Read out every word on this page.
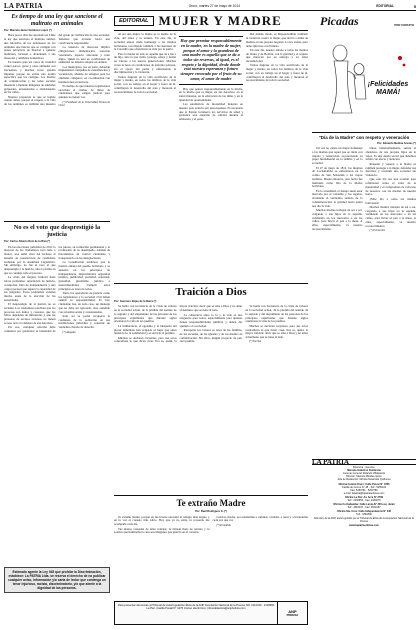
LA PATRIA	Oruro, martes 27 de mayo de 2014	EDITORIAL	5
Es tiempo de una ley que sancione el maltrato en animales
Por: Marcela Javier Gutiérrez López (*)

Hace pocos días fue aprobada en Chile la ley que sanciona el maltrato animal, una iniciativa de los defensores de los animales que buscan que se castigue con penas privativas de libertad a quienes maltraten, torturen o abandonen a sus mascotas y animales domésticos.

En nuestro país los casos de crueldad contra perros, gatos y otros animales son frecuentes, y muchas veces quedan impunes porque no existe una norma específica que los castigue. Los medios de comunicación y las redes sociales muestran a menudo imágenes de animales golpeados, envenenados o abandonados en las calles.

Nuestra propuesta es que se legisle cuanto antes, porque el respeto a la vida de los animales es también una muestra del grado de civilización de una sociedad. Tenemos que avanzar hacia una convivencia responsable.

La tenencia de mascotas implica obligaciones: alimentación, atención veterinaria, espacio adecuado y trato digno. Quien no está en condiciones de asumirlas no debería adoptar un animal.

Los municipios, por su parte, deberían implementar campañas de esterilización y vacunación, además de refugios para los animales callejeros, en coordinación con instituciones protectoras.

Es tiempo de que nuestros legisladores escuchen el clamor de miles de ciudadanos que exigen justicia para quienes no tienen voz.

(*) Estudiante de la Universidad Técnica de Oruro

No es el voto que desprestigió la justicia
Por: Carlos Alberto Ruiz de la Riva (*)

En las elecciones judiciales de 2011 la mayoría de los ciudadanos votó nulo o blanco, una señal clara del rechazo al sistema de preselección de candidatos realizado por la Asamblea Legislativa. Sin embargo, no fue el voto el que desprestigió a la justicia, sino la forma en que se condujo todo el proceso.

La crisis del Órgano Judicial tiene raíces profundas: retardación de justicia, corrupción, falta de independencia y una carga procesal que supera la capacidad de los juzgados. Estos problemas existían mucho antes de la elección de las autoridades.

El desprestigio de la justicia no es reciente. Los ciudadanos perciben que los procesos son lentos y costosos, que los fallos dependen de influencias y que las personas de escasos recursos no tienen acceso real a la defensa de sus derechos.

Por eso, cualquier reforma debe comenzar por garantizar la idoneidad de los jueces, su formación permanente y la evaluación de su desempeño, además de mecanismos de control ciudadano y transparencia en las designaciones.

La Constitución establece que la justicia emana del pueblo boliviano y se sustenta en los principios de independencia, imparcialidad, seguridad jurídica, publicidad, probidad, celeridad, gratuidad, pluralismo jurídico e interculturalidad. Cumplir estos principios es tarea de todos.

Tanto los operadores de justicia como los legisladores y la sociedad civil deben asumir su responsabilidad. El voto ciudadano fue, en todo caso, un mensaje que no debe ser ignorado, sino atendido con reformas serias y consensuadas.

Sólo así se podrá recuperar la confianza de la población en sus instituciones judiciales y construir un verdadero Estado de derecho.

(*) Abogado

Estimado agente la Ley 045 que prohíbe la Discriminación, establece: La PATRIA Ltda. se reserva el derecho de no publicar cualquier aviso, información y/o carta de lector que contenga un tenor injurioso, racista, discriminatorio, y/o que atente a la dignidad de las personas.
EDITORIAL MUJER Y MADRE

Al ser una mujer, la madre es la fuente de la vida, del amor y la ternura. En este día, la sociedad entera rinde homenaje a las madres bolivianas, recordando también a las heroínas de la Coronilla que ofrendaron su vida por la patria.

Pero la madre no sólo es aquella que da a luz a un hijo, sino la que cuida, protege, educa y forma en valores a las nuevas generaciones. Muchas veces lo hace en condiciones de extrema pobreza, sin el apoyo del padre y enfrentando la discriminación y la violencia.

Tantas mujeres en la vida sacrificada de la mujer y madre, en todos los ámbitos de la vida social, con su trabajo en el hogar y fuera de él, contribuyen al desarrollo del país y merecen el reconocimiento de toda la sociedad.

Hay que premiar responsablemente en la madre, en la madre de mujer, porque el amor y la grandeza de una madre es aquella que se da a todos sin reservas, al igual, es el respeto y la dignidad, desde donde está nuestra esperanza y futuro siempre renovado por el fruto de su amor, el amor de madre

Hay que pensar responsablemente en la madre, en la madre que es mujer, en sus derechos, en la salud materna, en la educación de las niñas y en la igualdad de oportunidades.

Las estadísticas de mortalidad materna en nuestro país todavía son preocupantes. Es necesario que el Estado fortalezca los servicios de salud y garantice una atención de calidad durante el embarazo y el parto.

Del mismo modo, es imprescindible combatir la violencia contra la mujer, que afecta a miles de madres en sus propios hogares. La ley existe, pero debe aplicarse con firmeza.

En este día, nuestro saludo a todas las madres de Oruro y de Bolivia, con la gratitud y el respeto que merecen por su entrega y su amor incondicional.

Tantas mujeres en la vida sacrificada de la mujer y madre, en todos los ámbitos de la vida social, con su trabajo en el hogar y fuera de él, contribuyen al desarrollo del país y merecen el reconocimiento de toda la sociedad.

Traición a Dios
Por: Guerrero Rojas de la Barra (*)

Se habla con frecuencia de la crisis de valores en la sociedad actual, de la pérdida del sentido de lo sagrado y del alejamiento de las personas de los principios espirituales que durante siglos orientaron la vida de los pueblos.

La indiferencia, el egoísmo y la búsqueda del placer inmediato han ocupado el lugar que antes tenían la fe, la solidaridad y el servicio al prójimo.

Muchos se declaran creyentes, pero sus actos contradicen lo que dicen creer. Esa es, quizá, la mayor traición: decir que se ama a Dios y no amar al hermano que se tiene al lado.

La coherencia entre la fe y la vida es una exigencia para todos, especialmente para quienes tienen responsabilidades públicas y deben dar ejemplo a la sociedad.

Recuperar los valores es tarea de las familias, de las escuelas, de las iglesias y de los medios de comunicación. Sin ellos, ningún proyecto de país será posible.

Se habla con frecuencia de la crisis de valores en la sociedad actual, de la pérdida del sentido de lo sagrado y del alejamiento de las personas de los principios espirituales que durante siglos orientaron la vida de los pueblos.

Muchos se declaran creyentes, pero sus actos contradicen lo que dicen creer. Esa es, quizá, la mayor traición: decir que se ama a Dios y no amar al hermano que se tiene al lado.

(*) Escritor

Te extraño Madre
Por: Raúl Rodríguez G. (*)

Te extraño madre, porque en tus brazos encontré el refugio más seguro y en tu voz el consejo más sabio. Hoy que ya no estás, tu recuerdo me acompaña cada día.

Tus manos cansadas de tanto trabajar, tu mirada llena de ternura y tu sonrisa que iluminaba la casa son imágenes que guardo en el corazón.

Gracias, madre, por enseñarme a caminar, a hablar, a rezar y a levantarme cada vez que caí.

(*) Periodista

Para presentar denuncias al Tribunal de Autorregulación Ética de la ANP Asociación Nacional de la Prensa Telf. 2112430 - 2118990 La Paz. Casilla Postal N° 4476 Correo electrónico: tribunaldeetica@anpbolivia.com
ANP
PRENSA
Picadas	POR CODUITO
¡Felicidades MAMÁ!
"Día de la Madre" con respeto y veneración
Por: Eduardo Medina Arenas (*)

Tal vez no existe un mejor homenaje a las madres que aquel que se rinde con respeto y veneración, reconociendo su papel fundamental en la familia y en la sociedad.

El 27 de mayo de 1812, las mujeres de Cochabamba se enfrentaron en la colina de San Sebastián a las tropas realistas. Desde entonces, esta fecha fue instituida como Día de la Madre boliviana.

En la actualidad, el festejo suele estar marcado por el consumo y los regalos, olvidando el verdadero sentido de la conmemoración: la gratitud hacia quien nos dio la vida.

Muchas madres trabajan de sol a sol, cargando a sus hijos en la espalda, vendiendo en los mercados o en las calles, para llevar el pan a la mesa. A ellas, especialmente, va nuestro reconocimiento.

Otras, lamentablemente, sufren el abandono de sus propios hijos en la vejez. Es una deuda social que debemos saldar con afecto y atención.

Respetar y venerar a la madre es también proteger a la mujer, defender sus derechos y construir una sociedad sin violencia.

Que este día sea una ocasión para reflexionar sobre el valor de la maternidad y el compromiso de cada uno de nosotros con las madres de nuestra tierra.

¡Feliz día a todas las madres bolivianas!

Muchas madres trabajan de sol a sol, cargando a sus hijos en la espalda, vendiendo en los mercados o en las calles, para llevar el pan a la mesa. A ellas, especialmente, va nuestro reconocimiento.

(*) Es Docente

LA PATRIA
Directora - Gerente:
Marcela Gutiérrez Zambrana
Gerente General: Rolando Villalpando
Director: Marcelo Miralles Iporre
Jefe de Redacción: Mónica Navarrete Quiñones
Oficina Central Oruro: Calle Potosí N° 1065
Casilla de Correo N° 48 - Telf.: 5255100
Fax: 5250781 - 5250780
e-mail: lapatria@lapatriaenlinea.com
Oficina La Paz: Av. Arce N° 2799
Telf.: 2430950 - Fax: 2433076
Oficina Cochabamba: Calle Lanza N° 300 esq. Junín
Telf.: 4516037 - Fax: 4520157
Oficina Sta. Cruz: Calle Independencia N° 340
Telf.: 3361880
Miembro de la ANP, autorregulado por el Tribunal de Ética de la Asociación Nacional de la Prensa
www.lapatriaenlinea.com
